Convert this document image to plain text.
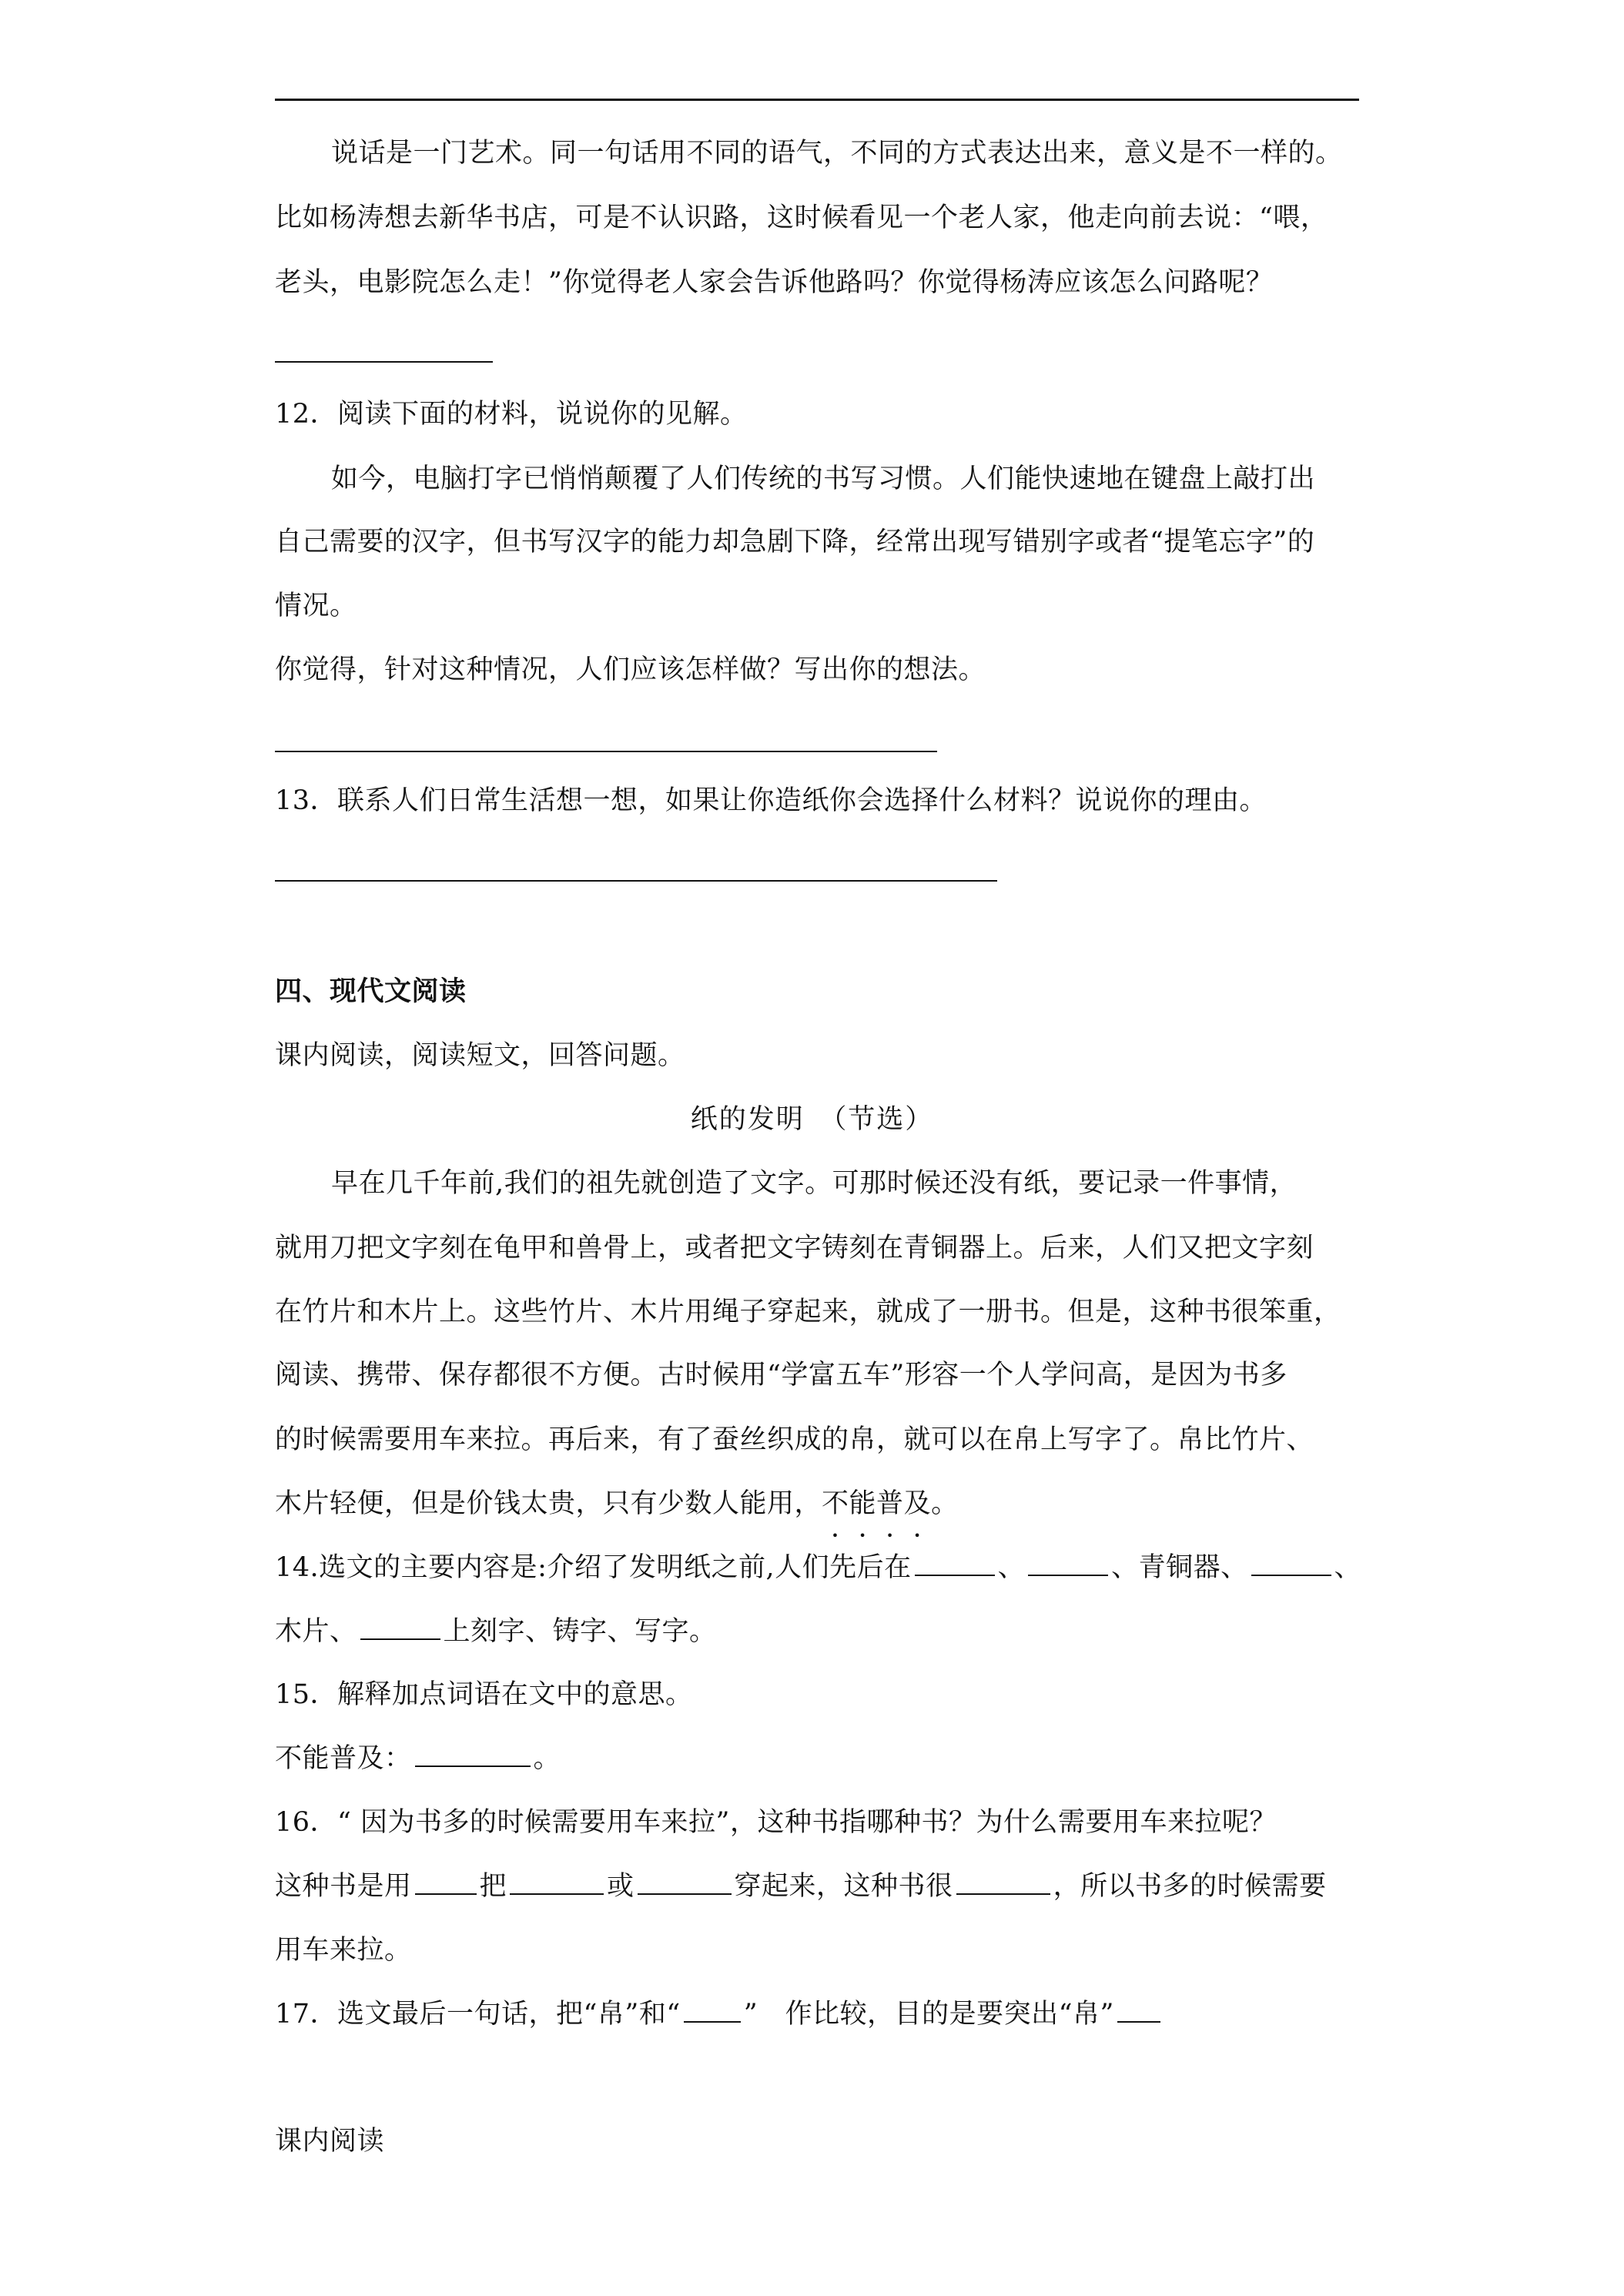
说话是一门艺术。同一句话用不同的语气，不同的方式表达出来，意义是不一样的。
比如杨涛想去新华书店，可是不认识路，这时候看见一个老人家，他走向前去说：“喂，
老头，电影院怎么走！”你觉得老人家会告诉他路吗？你觉得杨涛应该怎么问路呢？
12．阅读下面的材料，说说你的见解。
如今，电脑打字已悄悄颠覆了人们传统的书写习惯。人们能快速地在键盘上敲打出
自己需要的汉字，但书写汉字的能力却急剧下降，经常出现写错别字或者“提笔忘字”的
情况。
你觉得，针对这种情况，人们应该怎样做？写出你的想法。
13．联系人们日常生活想一想，如果让你造纸你会选择什么材料？说说你的理由。
四、现代文阅读
课内阅读，阅读短文，回答问题。
纸的发明　（节选）
早在几千年前,我们的祖先就创造了文字。可那时候还没有纸，要记录一件事情，
就用刀把文字刻在龟甲和兽骨上，或者把文字铸刻在青铜器上。后来，人们又把文字刻
在竹片和木片上。这些竹片、木片用绳子穿起来，就成了一册书。但是，这种书很笨重，
阅读、携带、保存都很不方便。古时候用“学富五车”形容一个人学问高，是因为书多
的时候需要用车来拉。再后来，有了蚕丝织成的帛，就可以在帛上写字了。帛比竹片、
木片轻便，但是价钱太贵，只有少数人能用，不能普及。
14.选文的主要内容是:介绍了发明纸之前,人们先后在	、	、青铜器、	、
木片、	上刻字、铸字、写字。
15．解释加点词语在文中的意思。
不能普及：	。
16．“ 因为书多的时候需要用车来拉”，这种书指哪种书？为什么需要用车来拉呢？
这种书是用	把	或	穿起来，这种书很	，所以书多的时候需要
用车来拉。
17．选文最后一句话，把“帛”和“ ”　作比较，目的是要突出“帛”
课内阅读
